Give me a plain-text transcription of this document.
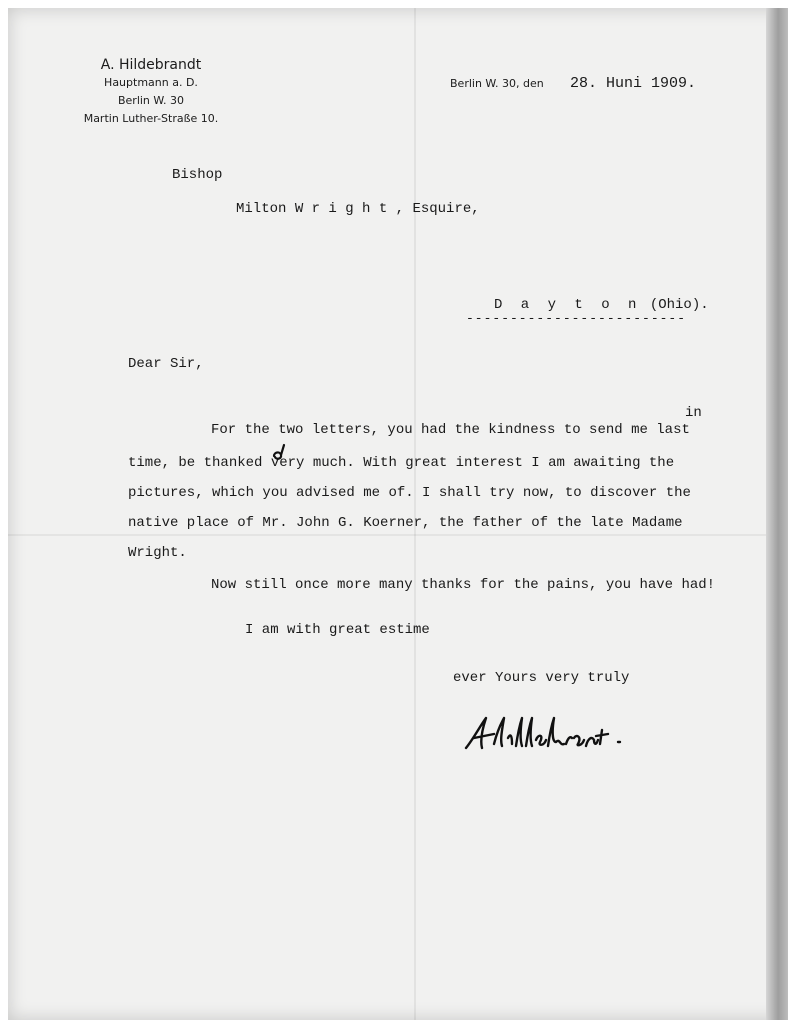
A. Hildebrandt
Hauptmann a. D.
Berlin W. 30
Martin Luther-Straße 10.
Berlin W. 30, den 28. Huni 1909.
Bishop
Milton W r i g h t , Esquire,
D a y t o n (Ohio).
-------------------------
Dear Sir,
in
For the two letters, you had the kindness to send me last
time, be thanked very much. With great interest I am awaiting the
pictures, which you advised me of. I shall try now, to discover the
native place of Mr. John G. Koerner, the father of the late Madame
Wright.
Now still once more many thanks for the pains, you have had!
I am with great estime
ever Yours very truly
